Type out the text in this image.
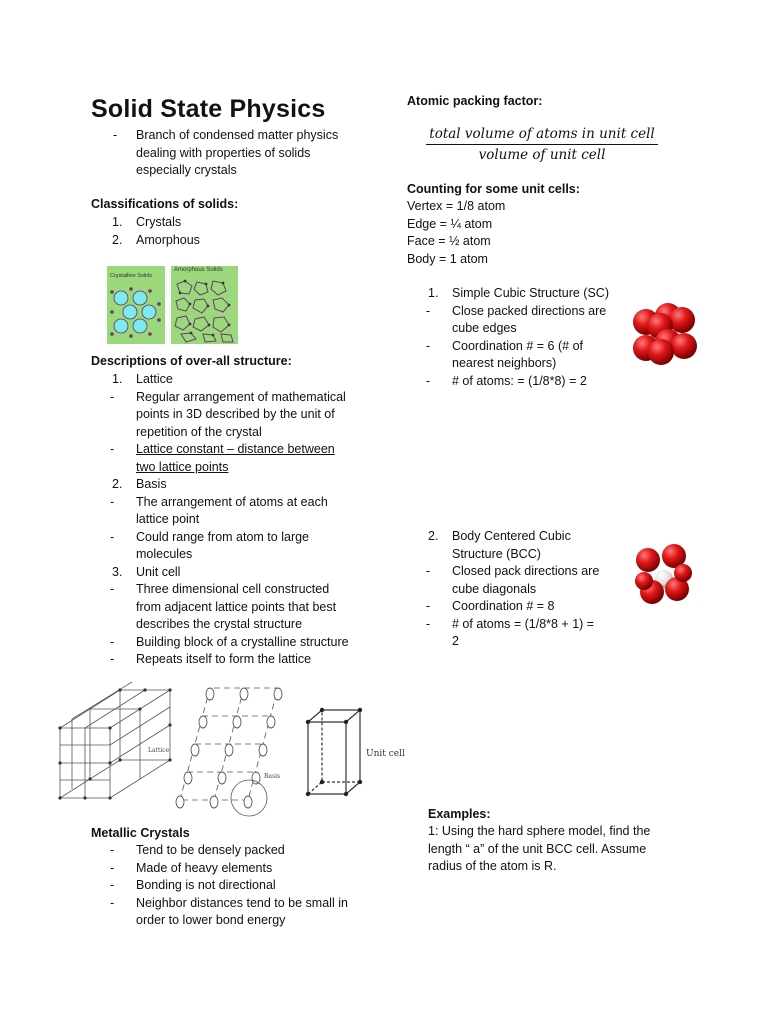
Solid State Physics
- Branch of condensed matter physics
dealing with properties of solids
especially crystals
Classifications of solids:
1. Crystals
2. Amorphous
Crystalline Solids
Amorphous Solids
Descriptions of over-all structure:
1. Lattice
- Regular arrangement of mathematical
points in 3D described by the unit of
repetition of the crystal
- Lattice constant – distance between
two lattice points
2. Basis
- The arrangement of atoms at each
lattice point
- Could range from atom to large
molecules
3. Unit cell
- Three dimensional cell constructed
from adjacent lattice points that best
describes the crystal structure
- Building block of a crystalline structure
- Repeats itself to form the lattice
Lattice
Basis
Unit cell
Metallic Crystals
- Tend to be densely packed
- Made of heavy elements
- Bonding is not directional
- Neighbor distances tend to be small in
order to lower bond energy
Atomic packing factor:
total volume of atoms in unit cell
volume of unit cell
Counting for some unit cells:
Vertex = 1/8 atom
Edge = ¼ atom
Face = ½ atom
Body = 1 atom
1. Simple Cubic Structure (SC)
- Close packed directions are
cube edges
- Coordination # = 6 (# of
nearest neighbors)
- # of atoms: = (1/8*8) = 2
2. Body Centered Cubic
Structure (BCC)
- Closed pack directions are
cube diagonals
- Coordination # = 8
- # of atoms = (1/8*8 + 1) =
2
Examples:
1: Using the hard sphere model, find the
length “ a” of the unit BCC cell. Assume
radius of the atom is R.
